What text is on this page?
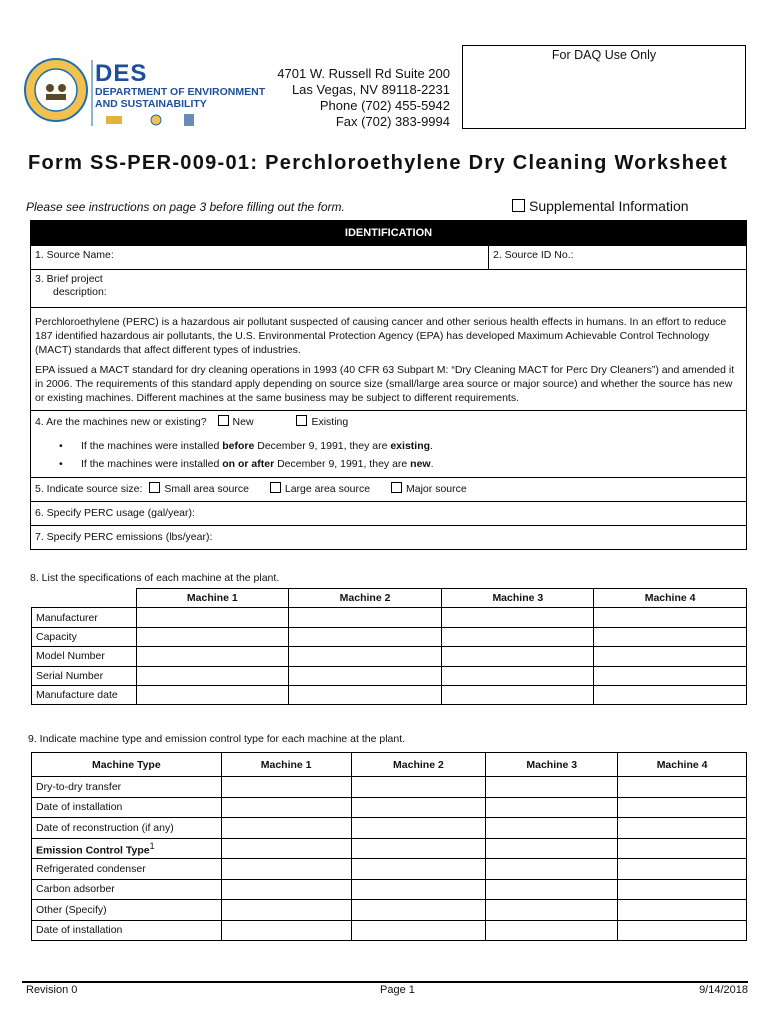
DES
DEPARTMENT OF ENVIRONMENT
AND SUSTAINABILITY
4701 W. Russell Rd Suite 200
Las Vegas, NV 89118-2231
Phone (702) 455-5942
Fax (702) 383-9994
For DAQ Use Only
Form SS-PER-009-01: Perchloroethylene Dry Cleaning Worksheet
Please see instructions on page 3 before filling out the form.	Supplemental Information
IDENTIFICATION
1. Source Name:	2. Source ID No.:
3. Brief project
description:
Perchloroethylene (PERC) is a hazardous air pollutant suspected of causing cancer and other serious health effects in humans. In an effort to reduce 187 identified hazardous air pollutants, the U.S. Environmental Protection Agency (EPA) has developed Maximum Achievable Control Technology (MACT) standards that affect different types of industries.
EPA issued a MACT standard for dry cleaning operations in 1993 (40 CFR 63 Subpart M: “Dry Cleaning MACT for Perc Dry Cleaners”) and amended it in 2006. The requirements of this standard apply depending on source size (small/large area source or major source) and whether the source has new or existing machines. Different machines at the same business may be subject to different requirements.
4. Are the machines new or existing? New	Existing
• If the machines were installed before December 9, 1991, they are existing.
• If the machines were installed on or after December 9, 1991, they are new.
5. Indicate source size: Small area source	Large area source	Major source
6. Specify PERC usage (gal/year):
7. Specify PERC emissions (lbs/year):
8. List the specifications of each machine at the plant.
	Machine 1	Machine 2	Machine 3	Machine 4
Manufacturer				
Capacity				
Model Number				
Serial Number				
Manufacture date				
9. Indicate machine type and emission control type for each machine at the plant.
Machine Type	Machine 1	Machine 2	Machine 3	Machine 4
Dry-to-dry transfer				
Date of installation				
Date of reconstruction (if any)				
Emission Control Type$^1$				
Refrigerated condenser				
Carbon adsorber				
Other (Specify)				
Date of installation				
Revision 0	Page 1	9/14/2018
